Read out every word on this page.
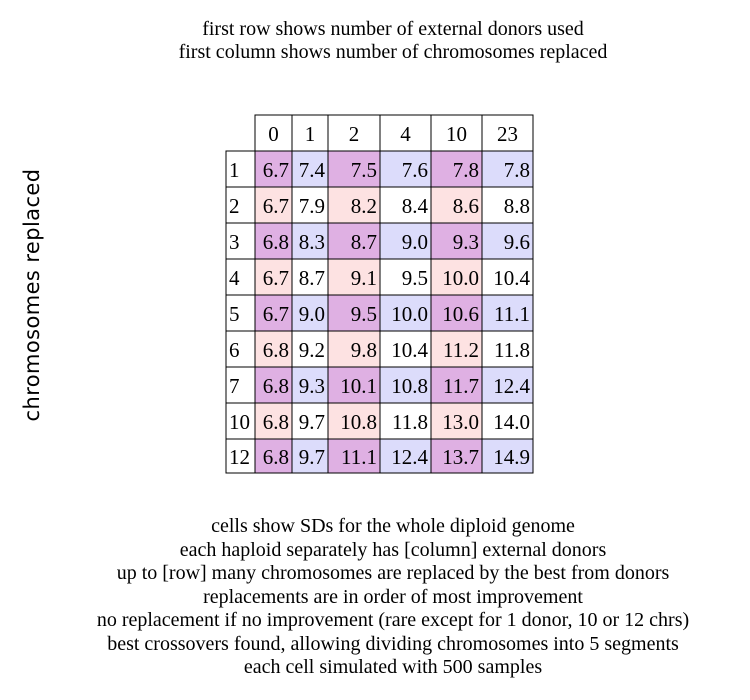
first row shows number of external donors used
first column shows number of chromosomes replaced
chromosomes replaced
0 1 2 4 10 23
1 6.7 7.4 7.5 7.6 7.8 7.8
2 6.7 7.9 8.2 8.4 8.6 8.8
3 6.8 8.3 8.7 9.0 9.3 9.6
4 6.7 8.7 9.1 9.5 10.0 10.4
5 6.7 9.0 9.5 10.0 10.6 11.1
6 6.8 9.2 9.8 10.4 11.2 11.8
7 6.8 9.3 10.1 10.8 11.7 12.4
10 6.8 9.7 10.8 11.8 13.0 14.0
12 6.8 9.7 11.1 12.4 13.7 14.9
cells show SDs for the whole diploid genome
each haploid separately has [column] external donors
up to [row] many chromosomes are replaced by the best from donors
replacements are in order of most improvement
no replacement if no improvement (rare except for 1 donor, 10 or 12 chrs)
best crossovers found, allowing dividing chromosomes into 5 segments
each cell simulated with 500 samples
